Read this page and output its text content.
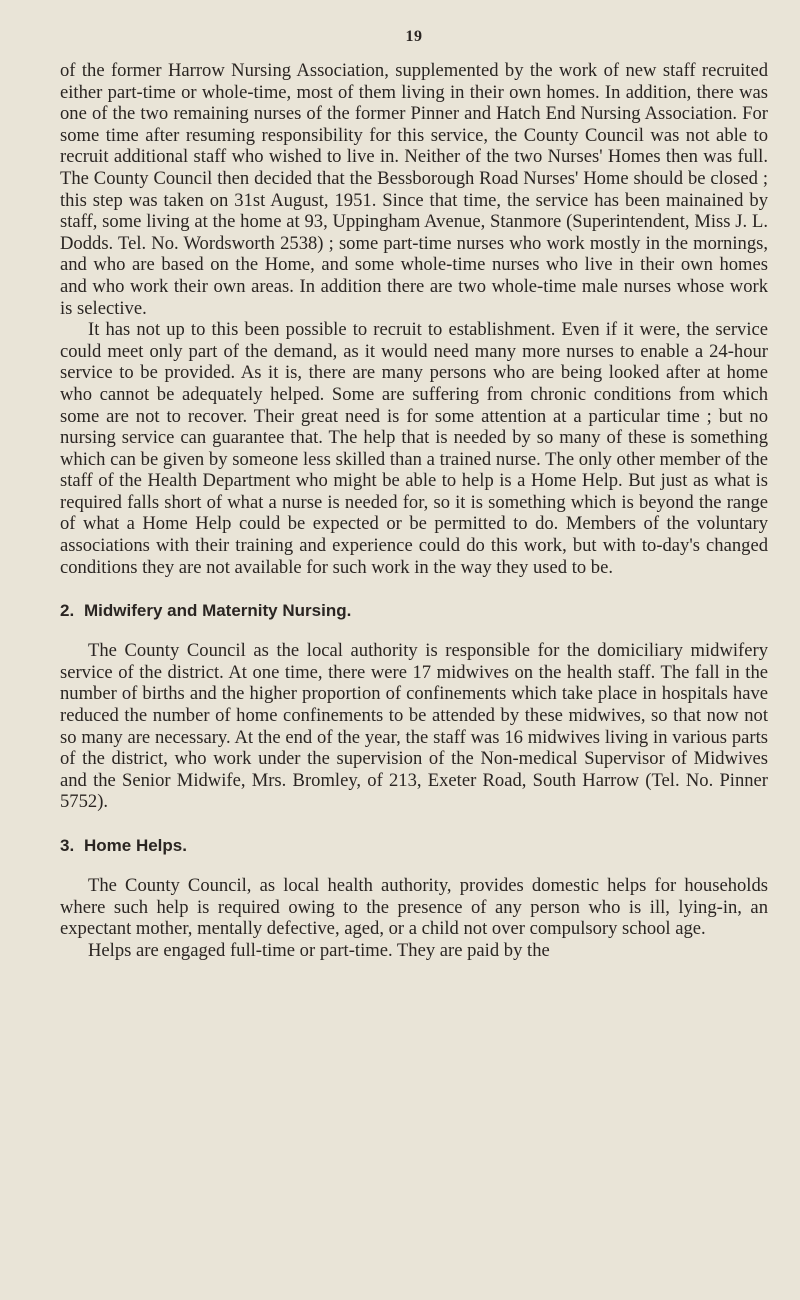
19

of the former Harrow Nursing Association, supplemented by the work of new staff recruited either part-time or whole-time, most of them living in their own homes. In addition, there was one of the two remaining nurses of the former Pinner and Hatch End Nursing Association. For some time after resuming responsibility for this service, the County Council was not able to recruit additional staff who wished to live in. Neither of the two Nurses' Homes then was full. The County Council then decided that the Bessborough Road Nurses' Home should be closed ; this step was taken on 31st August, 1951. Since that time, the service has been mainained by staff, some living at the home at 93, Uppingham Avenue, Stanmore (Superintendent, Miss J. L. Dodds. Tel. No. Wordsworth 2538) ; some part-time nurses who work mostly in the mornings, and who are based on the Home, and some whole-time nurses who live in their own homes and who work their own areas. In addition there are two whole-time male nurses whose work is selective.

It has not up to this been possible to recruit to establishment. Even if it were, the service could meet only part of the demand, as it would need many more nurses to enable a 24-hour service to be provided. As it is, there are many persons who are being looked after at home who cannot be adequately helped. Some are suffering from chronic conditions from which some are not to recover. Their great need is for some attention at a particular time ; but no nursing service can guarantee that. The help that is needed by so many of these is something which can be given by someone less skilled than a trained nurse. The only other member of the staff of the Health Department who might be able to help is a Home Help. But just as what is required falls short of what a nurse is needed for, so it is something which is beyond the range of what a Home Help could be expected or be permitted to do. Members of the voluntary associations with their training and experience could do this work, but with to-day's changed conditions they are not available for such work in the way they used to be.

2. Midwifery and Maternity Nursing.

The County Council as the local authority is responsible for the domiciliary midwifery service of the district. At one time, there were 17 midwives on the health staff. The fall in the number of births and the higher proportion of confinements which take place in hospitals have reduced the number of home confinements to be attended by these midwives, so that now not so many are necessary. At the end of the year, the staff was 16 midwives living in various parts of the district, who work under the supervision of the Non-medical Supervisor of Midwives and the Senior Midwife, Mrs. Bromley, of 213, Exeter Road, South Harrow (Tel. No. Pinner 5752).

3. Home Helps.

The County Council, as local health authority, provides domestic helps for households where such help is required owing to the presence of any person who is ill, lying-in, an expectant mother, mentally defective, aged, or a child not over compulsory school age.

Helps are engaged full-time or part-time. They are paid by the
